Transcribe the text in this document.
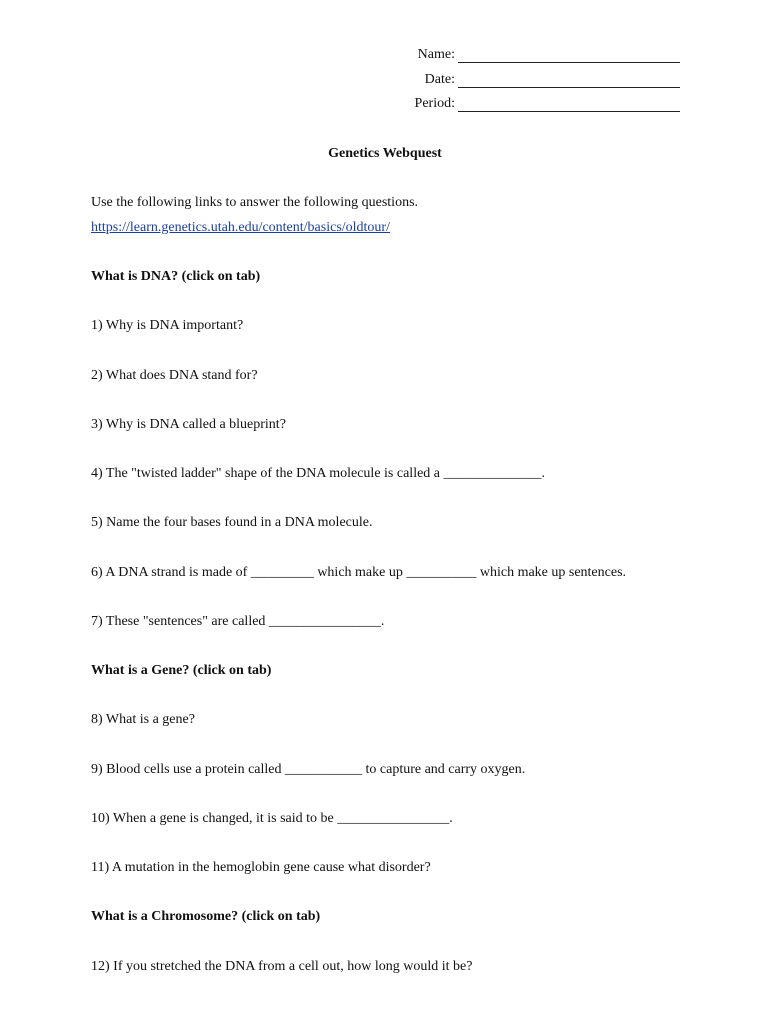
Name:
Date:
Period:
Genetics Webquest
Use the following links to answer the following questions.
https://learn.genetics.utah.edu/content/basics/oldtour/
What is DNA? (click on tab)
1) Why is DNA important?
2) What does DNA stand for?
3) Why is DNA called a blueprint?
4) The "twisted ladder" shape of the DNA molecule is called a ______________.
5) Name the four bases found in a DNA molecule.
6) A DNA strand is made of _________ which make up __________ which make up sentences.
7) These "sentences" are called ________________.
What is a Gene? (click on tab)
8) What is a gene?
9) Blood cells use a protein called ___________ to capture and carry oxygen.
10) When a gene is changed, it is said to be ________________.
11) A mutation in the hemoglobin gene cause what disorder?
What is a Chromosome? (click on tab)
12) If you stretched the DNA from a cell out, how long would it be?
